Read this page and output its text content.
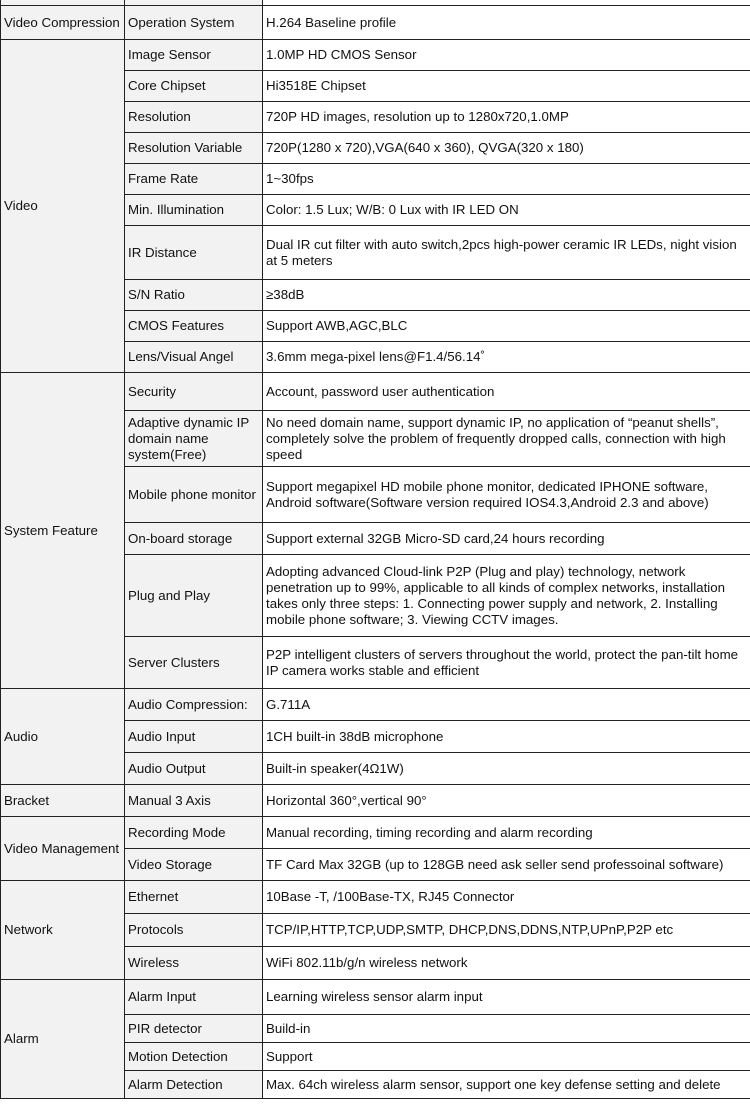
Video Compression	Operation System	H.264 Baseline profile
Video	Image Sensor	1.0MP HD CMOS Sensor
	Core Chipset	Hi3518E Chipset
	Resolution	720P HD images, resolution up to 1280x720,1.0MP
	Resolution Variable	720P(1280 x 720),VGA(640 x 360), QVGA(320 x 180)
	Frame Rate	1~30fps
	Min. Illumination	Color: 1.5 Lux; W/B: 0 Lux with IR LED ON
	IR Distance	Dual IR cut filter with auto switch,2pcs high-power ceramic IR LEDs, night vision at 5 meters
	S/N Ratio	≥38dB
	CMOS Features	Support AWB,AGC,BLC
	Lens/Visual Angel	3.6mm mega-pixel lens@F1.4/56.14˚
System Feature	Security	Account, password user authentication
	Adaptive dynamic IP domain name system(Free)	No need domain name, support dynamic IP, no application of “peanut shells”, completely solve the problem of frequently dropped calls, connection with high speed
	Mobile phone monitor	Support megapixel HD mobile phone monitor, dedicated IPHONE software, Android software(Software version required IOS4.3,Android 2.3 and above)
	On-board storage	Support external 32GB Micro-SD card,24 hours recording
	Plug and Play	Adopting advanced Cloud-link P2P (Plug and play) technology, network penetration up to 99%, applicable to all kinds of complex networks, installation takes only three steps: 1. Connecting power supply and network, 2. Installing mobile phone software; 3. Viewing CCTV images.
	Server Clusters	P2P intelligent clusters of servers throughout the world, protect the pan-tilt home IP camera works stable and efficient
Audio	Audio Compression:	G.711A
	Audio Input	1CH built-in 38dB microphone
	Audio Output	Built-in speaker(4Ω1W)
Bracket	Manual 3 Axis	Horizontal 360°,vertical 90°
Video Management	Recording Mode	Manual recording, timing recording and alarm recording
	Video Storage	TF Card Max 32GB (up to 128GB need ask seller send professoinal software)
Network	Ethernet	10Base -T, /100Base-TX, RJ45 Connector
	Protocols	TCP/IP,HTTP,TCP,UDP,SMTP, DHCP,DNS,DDNS,NTP,UPnP,P2P etc
	Wireless	WiFi 802.11b/g/n wireless network
Alarm	Alarm Input	Learning wireless sensor alarm input
	PIR detector	Build-in
	Motion Detection	Support
	Alarm Detection	Max. 64ch wireless alarm sensor, support one key defense setting and delete
